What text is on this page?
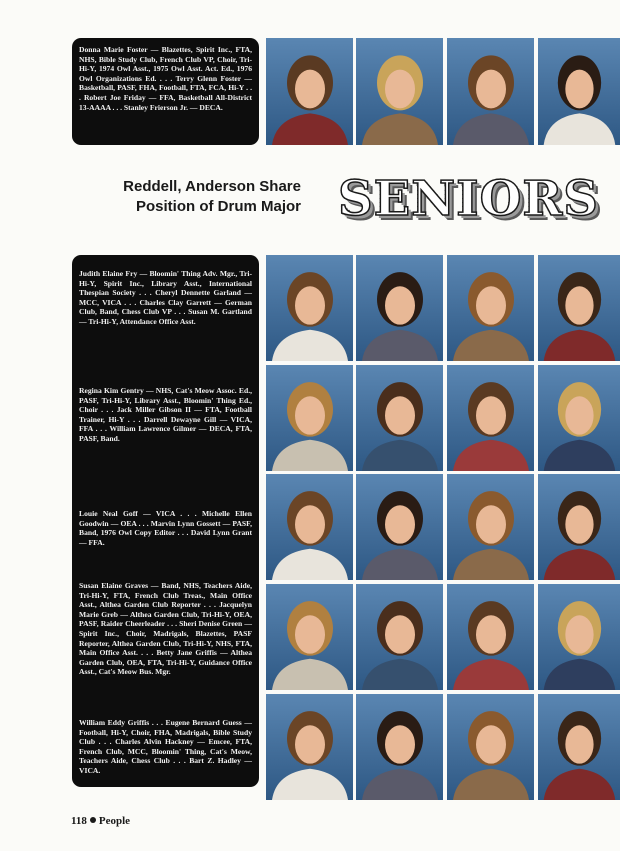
Donna Marie Foster — Blazettes, Spirit Inc., FTA, NHS, Bible Study Club, French Club VP, Choir, Tri-Hi-Y, 1974 Owl Asst., 1975 Owl Asst. Act. Ed., 1976 Owl Organizations Ed. . . . Terry Glenn Foster — Basketball, PASF, FHA, Football, FTA, FCA, Hi-Y . . . Robert Joe Friday — FFA, Basketball All-District 13-AAAA . . . Stanley Frierson Jr. — DECA.
Reddell, Anderson Share
Position of Drum Major SENIORS
Judith Elaine Fry — Bloomin' Thing Adv. Mgr., Tri-Hi-Y, Spirit Inc., Library Asst., International Thespian Society . . . Cheryl Dennette Garland — MCC, VICA . . . Charles Clay Garrett — German Club, Band, Chess Club VP . . . Susan M. Gartland — Tri-Hi-Y, Attendance Office Asst.
Regina Kim Gentry — NHS, Cat's Meow Assoc. Ed., PASF, Tri-Hi-Y, Library Asst., Bloomin' Thing Ed., Choir . . . Jack Miller Gibson II — FTA, Football Trainer, Hi-Y . . . Darrell Dewayne Gill — VICA, FFA . . . William Lawrence Gilmer — DECA, FTA, PASF, Band.
Louie Neal Goff — VICA . . . Michelle Ellen Goodwin — OEA . . . Marvin Lynn Gossett — PASF, Band, 1976 Owl Copy Editor . . . David Lynn Grant — FFA.
Susan Elaine Graves — Band, NHS, Teachers Aide, Tri-Hi-Y, FTA, French Club Treas., Main Office Asst., Althea Garden Club Reporter . . . Jacquelyn Marie Greb — Althea Garden Club, Tri-Hi-Y, OEA, PASF, Raider Cheerleader . . . Sheri Denise Green — Spirit Inc., Choir, Madrigals, Blazettes, PASF Reporter, Althea Garden Club, Tri-Hi-Y, NHS, FTA, Main Office Asst. . . . Betty Jane Griffis — Althea Garden Club, OEA, FTA, Tri-Hi-Y, Guidance Office Asst., Cat's Meow Bus. Mgr.
William Eddy Griffis . . . Eugene Bernard Guess — Football, Hi-Y, Choir, FHA, Madrigals, Bible Study Club . . . Charles Alvin Hackney — Emcee, FTA, French Club, MCC, Bloomin' Thing, Cat's Meow, Teachers Aide, Chess Club . . . Bart Z. Hadley — VICA.
118 People
